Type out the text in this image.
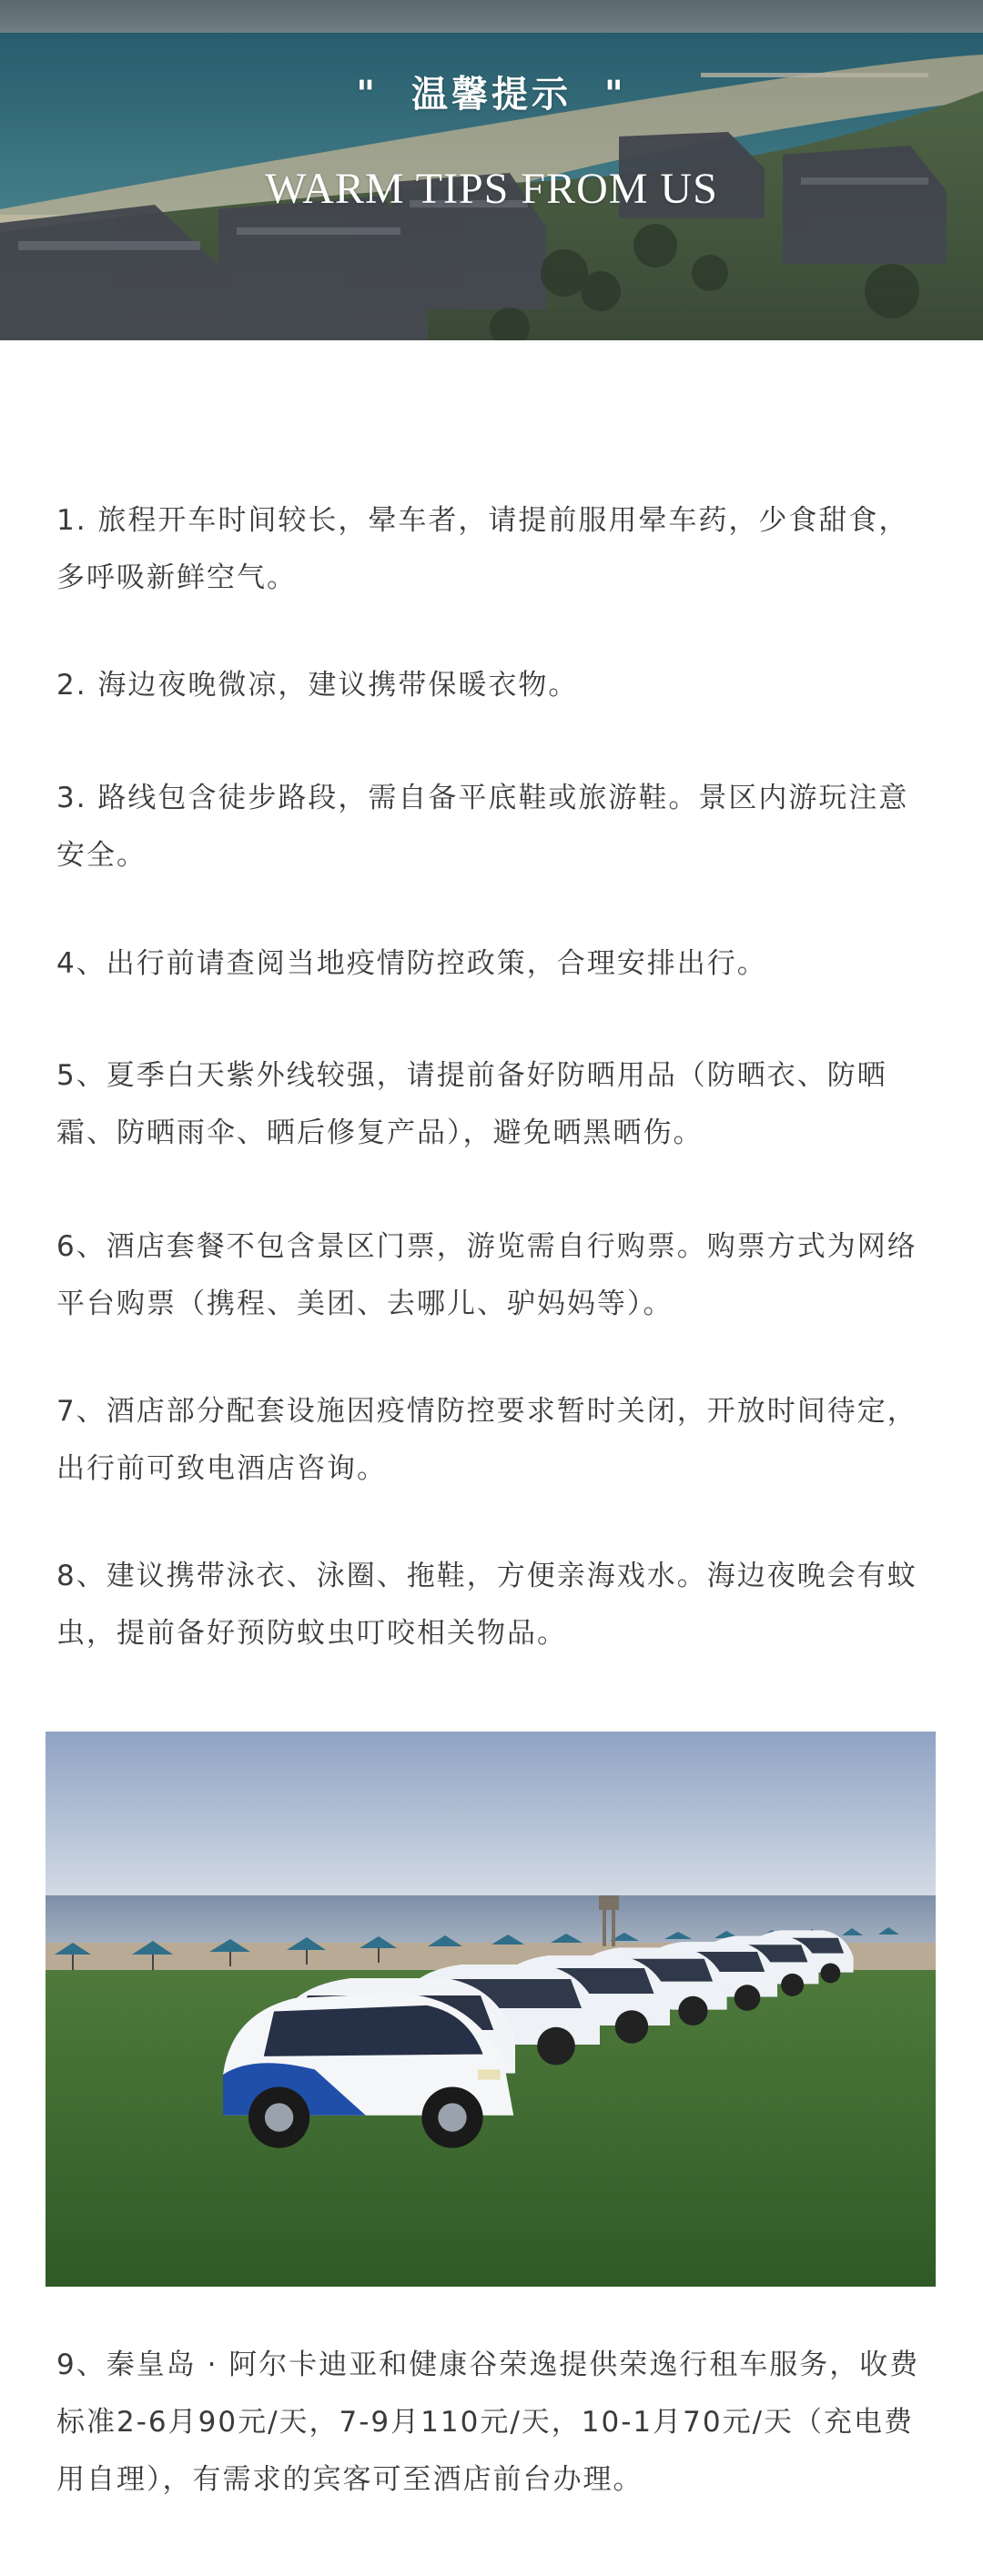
"  温馨提示  "
WARM TIPS FROM US

1. 旅程开车时间较长，晕车者，请提前服用晕车药，少食甜食，多呼吸新鲜空气。

2. 海边夜晚微凉，建议携带保暖衣物。

3. 路线包含徒步路段，需自备平底鞋或旅游鞋。景区内游玩注意安全。

4、出行前请查阅当地疫情防控政策，合理安排出行。

5、夏季白天紫外线较强，请提前备好防晒用品（防晒衣、防晒霜、防晒雨伞、晒后修复产品），避免晒黑晒伤。

6、酒店套餐不包含景区门票，游览需自行购票。购票方式为网络平台购票（携程、美团、去哪儿、驴妈妈等）。

7、酒店部分配套设施因疫情防控要求暂时关闭，开放时间待定， 出行前可致电酒店咨询。

8、建议携带泳衣、泳圈、拖鞋，方便亲海戏水。海边夜晚会有蚊虫，提前备好预防蚊虫叮咬相关物品。

9、秦皇岛 · 阿尔卡迪亚和健康谷荣逸提供荣逸行租车服务，收费标准2-6月90元/天，7-9月110元/天，10-1月70元/天（充电费用自理），有需求的宾客可至酒店前台办理。
